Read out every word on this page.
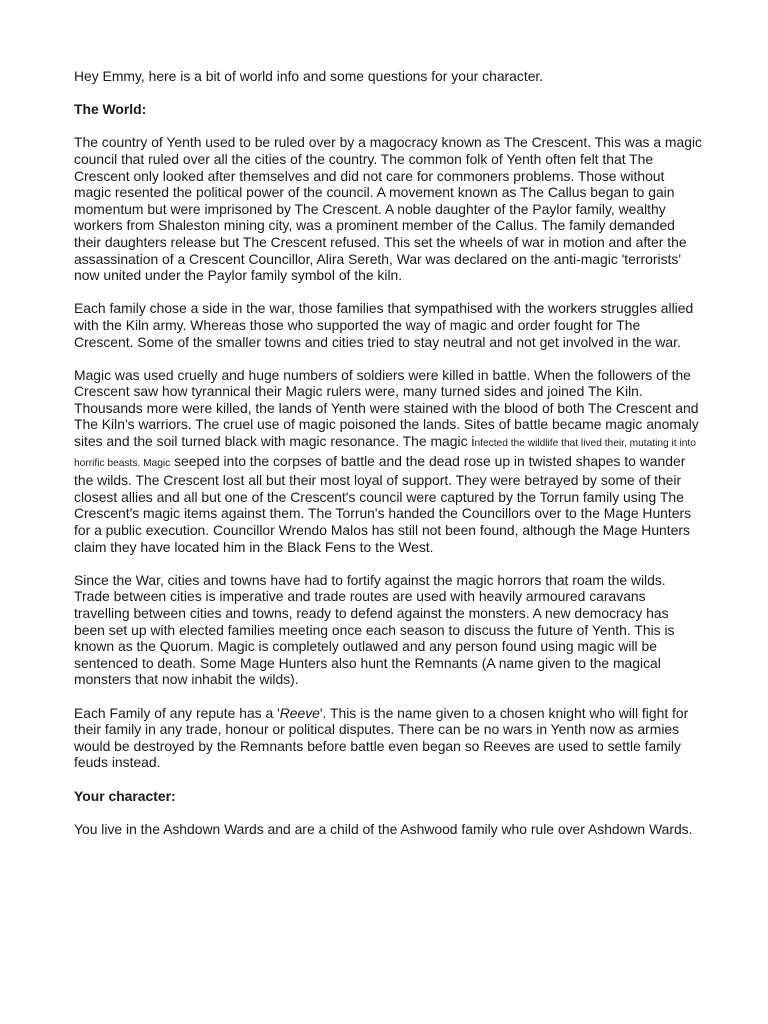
Hey Emmy, here is a bit of world info and some questions for your character.

The World:

The country of Yenth used to be ruled over by a magocracy known as The Crescent. This was a magic council that ruled over all the cities of the country. The common folk of Yenth often felt that The Crescent only looked after themselves and did not care for commoners problems. Those without magic resented the political power of the council. A movement known as The Callus began to gain momentum but were imprisoned by The Crescent. A noble daughter of the Paylor family, wealthy workers from Shaleston mining city, was a prominent member of the Callus. The family demanded their daughters release but The Crescent refused. This set the wheels of war in motion and after the assassination of a Crescent Councillor, Alira Sereth, War was declared on the anti-magic 'terrorists' now united under the Paylor family symbol of the kiln.

Each family chose a side in the war, those families that sympathised with the workers struggles allied with the Kiln army. Whereas those who supported the way of magic and order fought for The Crescent. Some of the smaller towns and cities tried to stay neutral and not get involved in the war.

Magic was used cruelly and huge numbers of soldiers were killed in battle. When the followers of the Crescent saw how tyrannical their Magic rulers were, many turned sides and joined The Kiln. Thousands more were killed, the lands of Yenth were stained with the blood of both The Crescent and The Kiln's warriors. The cruel use of magic poisoned the lands. Sites of battle became magic anomaly sites and the soil turned black with magic resonance. The magic infected the wildlife that lived their, mutating it into horrific beasts. Magic seeped into the corpses of battle and the dead rose up in twisted shapes to wander the wilds. The Crescent lost all but their most loyal of support. They were betrayed by some of their closest allies and all but one of the Crescent's council were captured by the Torrun family using The Crescent's magic items against them. The Torrun's handed the Councillors over to the Mage Hunters for a public execution. Councillor Wrendo Malos has still not been found, although the Mage Hunters claim they have located him in the Black Fens to the West.

Since the War, cities and towns have had to fortify against the magic horrors that roam the wilds. Trade between cities is imperative and trade routes are used with heavily armoured caravans travelling between cities and towns, ready to defend against the monsters. A new democracy has been set up with elected families meeting once each season to discuss the future of Yenth. This is known as the Quorum. Magic is completely outlawed and any person found using magic will be sentenced to death. Some Mage Hunters also hunt the Remnants (A name given to the magical monsters that now inhabit the wilds).

Each Family of any repute has a 'Reeve'. This is the name given to a chosen knight who will fight for their family in any trade, honour or political disputes. There can be no wars in Yenth now as armies would be destroyed by the Remnants before battle even began so Reeves are used to settle family feuds instead.

Your character:

You live in the Ashdown Wards and are a child of the Ashwood family who rule over Ashdown Wards.
